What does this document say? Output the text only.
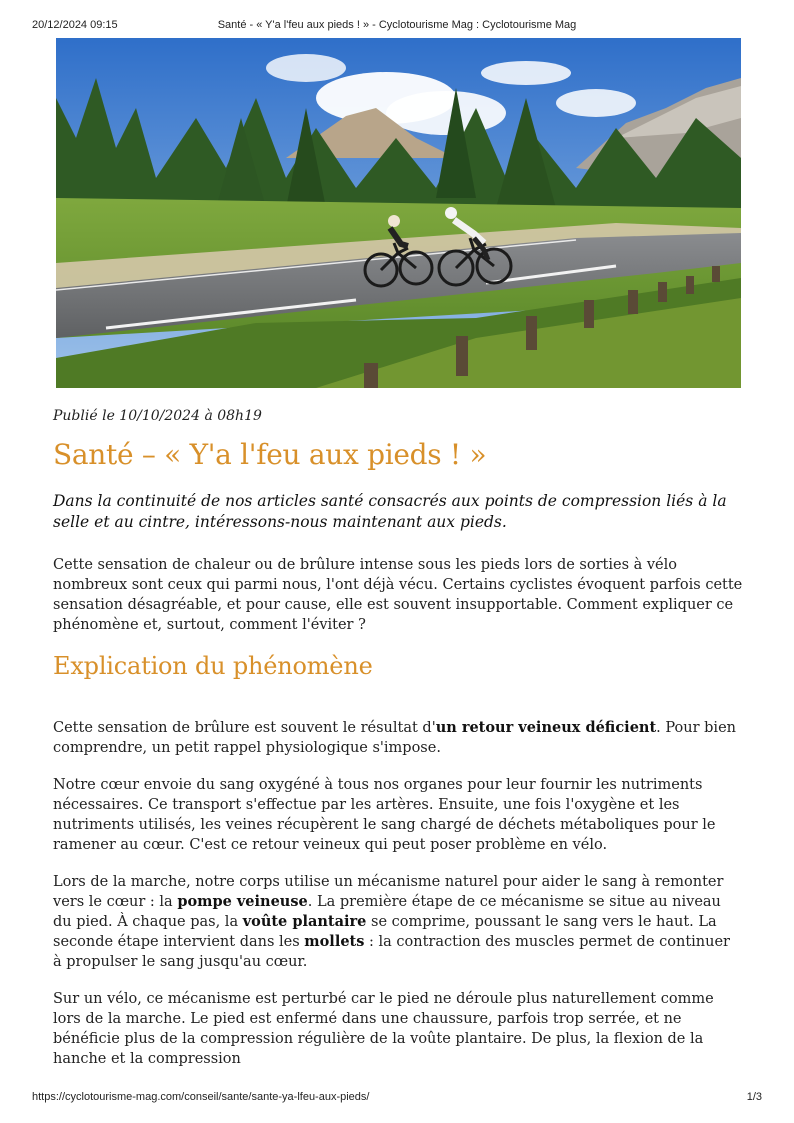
20/12/2024 09:15	Santé - « Y'a l'feu aux pieds ! » - Cyclotourisme Mag : Cyclotourisme Mag

Publié le 10/10/2024 à 08h19

Santé – « Y'a l'feu aux pieds ! »

Dans la continuité de nos articles santé consacrés aux points de compression liés à la selle et au cintre, intéressons-nous maintenant aux pieds.

Cette sensation de chaleur ou de brûlure intense sous les pieds lors de sorties à vélo nombreux sont ceux qui parmi nous, l'ont déjà vécu. Certains cyclistes évoquent parfois cette sensation désagréable, et pour cause, elle est souvent insupportable. Comment expliquer ce phénomène et, surtout, comment l'éviter ?

Explication du phénomène

Cette sensation de brûlure est souvent le résultat d'un retour veineux déficient. Pour bien comprendre, un petit rappel physiologique s'impose.

Notre cœur envoie du sang oxygéné à tous nos organes pour leur fournir les nutriments nécessaires. Ce transport s'effectue par les artères. Ensuite, une fois l'oxygène et les nutriments utilisés, les veines récupèrent le sang chargé de déchets métaboliques pour le ramener au cœur. C'est ce retour veineux qui peut poser problème en vélo.

Lors de la marche, notre corps utilise un mécanisme naturel pour aider le sang à remonter vers le cœur : la pompe veineuse. La première étape de ce mécanisme se situe au niveau du pied. À chaque pas, la voûte plantaire se comprime, poussant le sang vers le haut. La seconde étape intervient dans les mollets : la contraction des muscles permet de continuer à propulser le sang jusqu'au cœur.

Sur un vélo, ce mécanisme est perturbé car le pied ne déroule plus naturellement comme lors de la marche. Le pied est enfermé dans une chaussure, parfois trop serrée, et ne bénéficie plus de la compression régulière de la voûte plantaire. De plus, la flexion de la hanche et la compression

https://cyclotourisme-mag.com/conseil/sante/sante-ya-lfeu-aux-pieds/	1/3
